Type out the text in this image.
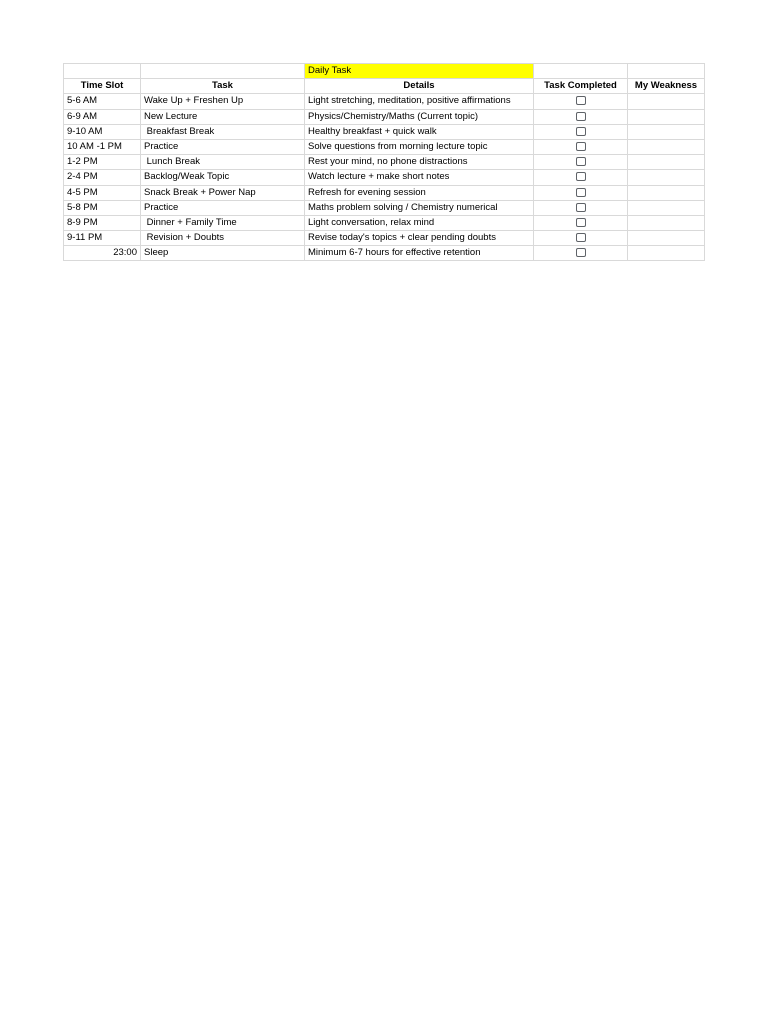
		Daily Task		
Time Slot	Task	Details	Task Completed	My Weakness
5-6 AM	Wake Up + Freshen Up	Light stretching, meditation, positive affirmations		
6-9 AM	New Lecture	Physics/Chemistry/Maths (Current topic)		
9-10 AM	Breakfast Break	Healthy breakfast + quick walk		
10 AM -1 PM	Practice	Solve questions from morning lecture topic		
1-2 PM	Lunch Break	Rest your mind, no phone distractions		
2-4 PM	Backlog/Weak Topic	Watch lecture + make short notes		
4-5 PM	Snack Break + Power Nap	Refresh for evening session		
5-8 PM	Practice	Maths problem solving / Chemistry numerical		
8-9 PM	Dinner + Family Time	Light conversation, relax mind		
9-11 PM	Revision + Doubts	Revise today's topics + clear pending doubts		
23:00	Sleep	Minimum 6-7 hours for effective retention		
